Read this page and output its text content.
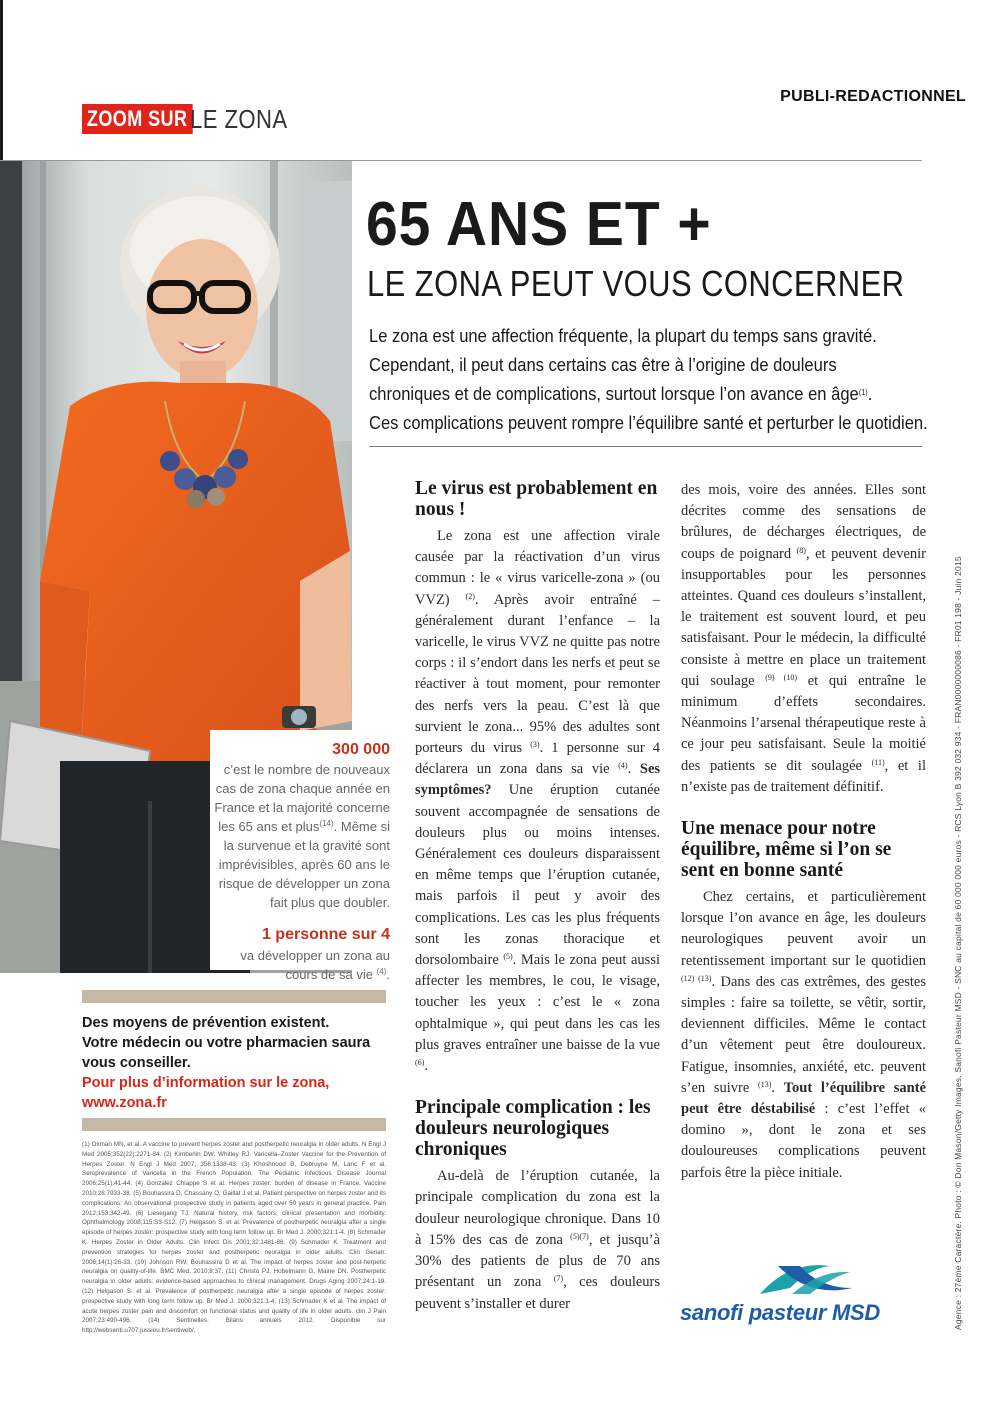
ZOOM SUR LE ZONA
PUBLI-REDACTIONNEL
300 000
c’est le nombre de nouveaux cas de zona chaque année en France et la majorité concerne les 65 ans et plus$^{(14)}$. Même si la survenue et la gravité sont imprévisibles, après 60 ans le risque de développer un zona fait plus que doubler.
1 personne sur 4
va développer un zona au cours de sa vie $^{(4)}$.
Des moyens de prévention existent.
Votre médecin ou votre pharmacien saura vous conseiller.
Pour plus d’information sur le zona,
www.zona.fr
(1) Oxman MN, et al. A vaccine to prevent herpes zoster and postherpetic neuralgia in older adults. N Engl J Med 2005;352(22):2271-84. (2) Kimberlin DW, Whitley RJ. Varicella–Zoster Vaccine for the Prevention of Herpes Zoster. N Engl J Med 2007; 356:1338-43. (3) Khoshnood B, Debruyne M, Lanc F et al. Seroprevalence of Varicella in the French Population. The Pediatric Infectious Disease Journal 2006;25(1):41-44. (4) Gonzalez Chiappe S et al. Herpes zoster: burden of disease in France. Vaccine 2010;28:7933-38. (5) Bouhassira D, Chassany O, Gaillat J et al. Patient perspective on herpes zoster and its complications: An observational prospective study in patients aged over 50 years in general practice. Pain 2012;153:342-49. (6) Liesegang TJ. Natural history, risk factors, clinical presentation and morbidity. Ophthalmology 2008;115:S3-S12. (7) Helgason S. et al. Prevalence of postherpetic neuralgia after a single episode of herpes zoster: prospective study with long term follow up. Br Med J. 2000;321:1-4. (8) Schmader K. Herpes Zoster in Older Adults. Clin Infect Dis 2001;32:1481-86. (9) Schmader K. Treatment and prevention strategies for herpes zoster and postherpetic neuralgia in older adults. Clin Geriatr. 2006;14(1):26-33. (10) Johnson RW, Bouhassira D et al. The impact of herpes zoster and post-herpetic neuralgia on quality-of-life. BMC Med. 2010;8:37. (11) Christo PJ, Hobelmann G, Maine DN. Postherpetic neuralgia in older adults: evidence-based approaches to clinical management. Drugs Aging 2007;24:1-19. (12) Helgason S. et al. Prevalence of postherpetic neuralgia after a single episode of herpes zoster: prospective study with long term follow up. Br Med J. 2000;321:1-4. (13) Schmader K et al. The impact of acute herpes zoster pain and discomfort on functional status and quality of life in older adults. clin J Pain 2007;23:490-496. (14) Sentinelles. Bilans annuels 2012. Disponible sur http://websenti.u707.jussieu.fr/sentiweb/.
65 ANS ET +
LE ZONA PEUT VOUS CONCERNER

Le zona est une affection fréquente, la plupart du temps sans gravité.

Cependant, il peut dans certains cas être à l’origine de douleurs

chroniques et de complications, surtout lorsque l’on avance en âge$^{(1)}$.

Ces complications peuvent rompre l’équilibre santé et perturber le quotidien.

Le virus est probablement en nous !

Le zona est une affection virale causée par la réactivation d’un virus commun : le « virus varicelle-zona » (ou VVZ) $^{(2)}$. Après avoir entraîné – généralement durant l’enfance – la varicelle, le virus VVZ ne quitte pas notre corps : il s’endort dans les nerfs et peut se réactiver à tout moment, pour remonter des nerfs vers la peau. C’est là que survient le zona... 95% des adultes sont porteurs du virus $^{(3)}$. 1 personne sur 4 déclarera un zona dans sa vie $^{(4)}$. Ses symptômes? Une éruption cutanée souvent accompagnée de sensations de douleurs plus ou moins intenses. Généralement ces douleurs disparaissent en même temps que l’éruption cutanée, mais parfois il peut y avoir des complications. Les cas les plus fréquents sont les zonas thoracique et dorsolombaire $^{(5)}$. Mais le zona peut aussi affecter les membres, le cou, le visage, toucher les yeux : c’est le « zona ophtalmique », qui peut dans les cas les plus graves entraîner une baisse de la vue $^{(6)}$.

Principale complication : les douleurs neurologiques chroniques

Au-delà de l’éruption cutanée, la principale complication du zona est la douleur neurologique chronique. Dans 10 à 15% des cas de zona $^{(5)(7)}$, et jusqu’à 30% des patients de plus de 70 ans présentant un zona $^{(7)}$, ces douleurs peuvent s’installer et durer

des mois, voire des années. Elles sont décrites comme des sensations de brûlures, de décharges électriques, de coups de poignard $^{(8)}$, et peuvent devenir insupportables pour les personnes atteintes. Quand ces douleurs s’installent, le traitement est souvent lourd, et peu satisfaisant. Pour le médecin, la difficulté consiste à mettre en place un traitement qui soulage $^{(9) (10)}$ et qui entraîne le minimum d’effets secondaires. Néanmoins l’arsenal thérapeutique reste à ce jour peu satisfaisant. Seule la moitié des patients se dit soulagée $^{(11)}$, et il n’existe pas de traitement définitif.

Une menace pour notre équilibre, même si l’on se sent en bonne santé

Chez certains, et particulièrement lorsque l’on avance en âge, les douleurs neurologiques peuvent avoir un retentissement important sur le quotidien $^{(12) (13)}$. Dans des cas extrêmes, des gestes simples : faire sa toilette, se vêtir, sortir, deviennent difficiles. Même le contact d’un vêtement peut être douloureux. Fatigue, insomnies, anxiété, etc. peuvent s’en suivre $^{(13)}$. Tout l’équilibre santé peut être déstabilisé : c’est l’effet « domino », dont le zona et ses douloureuses complications peuvent parfois être la pièce initiale.

sanofi pasteur MSD	Agence : 27ème Caractère. Photo : © Don Mason/Getty Images. Sanofi Pasteur MSD - SNC au capital de 60 000 000 euros - RCS Lyon B 392 032 934 - FRAN0000000086 - FR01 198 - Juin 2015
